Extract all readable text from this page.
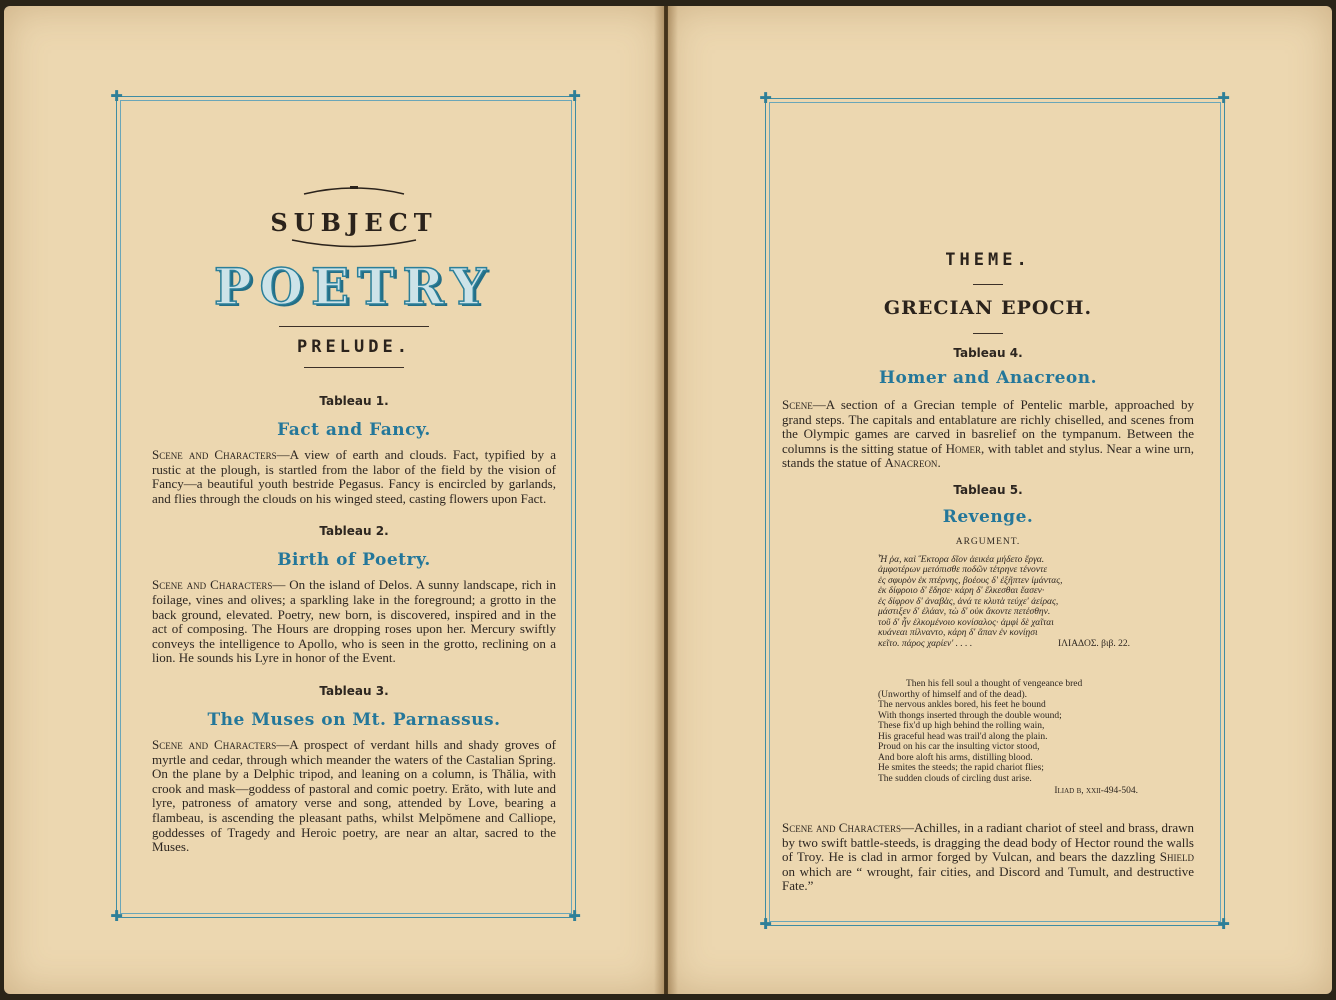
✚	✚
✚	✚
SUBJECT
POETRY
PRELUDE.
Tableau 1.
Fact and Fancy.
Scene and Characters—A view of earth and clouds. Fact, typified by a rustic at the plough, is startled from the labor of the field by the vision of Fancy—a beautiful youth bestride Pegasus. Fancy is encircled by garlands, and flies through the clouds on his winged steed, casting flowers upon Fact.
Tableau 2.
Birth of Poetry.
Scene and Characters— On the island of Delos. A sunny landscape, rich in foilage, vines and olives; a sparkling lake in the foreground; a grotto in the back ground, elevated. Poetry, new born, is discovered, inspired and in the act of composing. The Hours are dropping roses upon her. Mercury swiftly conveys the intelligence to Apollo, who is seen in the grotto, reclining on a lion. He sounds his Lyre in honor of the Event.
Tableau 3.
The Muses on Mt. Parnassus.
Scene and Characters—A prospect of verdant hills and shady groves of myrtle and cedar, through which meander the waters of the Castalian Spring. On the plane by a Delphic tripod, and leaning on a column, is Thălia, with crook and mask—goddess of pastoral and comic poetry. Erăto, with lute and lyre, patroness of amatory verse and song, attended by Love, bearing a flambeau, is ascending the pleasant paths, whilst Melpŏmene and Calliope, goddesses of Tragedy and Heroic poetry, are near an altar, sacred to the Muses.
✚	✚
✚	✚
THEME.
GRECIAN EPOCH.
Tableau 4.
Homer and Anacreon.
Scene—A section of a Grecian temple of Pentelic marble, approached by grand steps. The capitals and entablature are richly chiselled, and scenes from the Olympic games are carved in basrelief on the tympanum. Between the columns is the sitting statue of Homer, with tablet and stylus. Near a wine urn, stands the statue of Anacreon.
Tableau 5.
Revenge.
ARGUMENT.
Ἦ ῥα, καὶ Ἕκτορα δῖον ἀεικέα μήδετο ἔργα.
ἀμφοτέρων μετόπισθε ποδῶν τέτρηνε τένοντε
ἐς σφυρὸν ἐκ πτέρνης, βοέους δ' ἐξῆπτεν ἱμάντας,
ἐκ δίφροιο δ' ἔδησε· κάρη δ' ἕλκεσθαι ἔασεν·
ἐς δίφρον δ' ἀναβὰς, ἀνά τε κλυτὰ τεύχε' ἀείρας,
μάστιξεν δ' ἐλάαν, τὼ δ' οὐκ ἄκοντε πετέσθην.
τοῦ δ' ἦν ἑλκομένοιο κονίσαλος· ἀμφὶ δὲ χαῖται
κυάνεαι πίλναντο, κάρη δ' ἅπαν ἐν κονίῃσι
κεῖτο. πάρος χαρίεν' . . . .	ΙΛΙΑΔΟΣ. βιβ. 22.
Then his fell soul a thought of vengeance bred
(Unworthy of himself and of the dead).
The nervous ankles bored, his feet he bound
With thongs inserted through the double wound;
These fix'd up high behind the rolling wain,
His graceful head was trail'd along the plain.
Proud on his car the insulting victor stood,
And bore aloft his arms, distilling blood.
He smites the steeds; the rapid chariot flies;
The sudden clouds of circling dust arise.
Iliad b, xxii-494-504.
Scene and Characters—Achilles, in a radiant chariot of steel and brass, drawn by two swift battle-steeds, is dragging the dead body of Hector round the walls of Troy. He is clad in armor forged by Vulcan, and bears the dazzling Shield on which are “ wrought, fair cities, and Discord and Tumult, and destructive Fate.”
